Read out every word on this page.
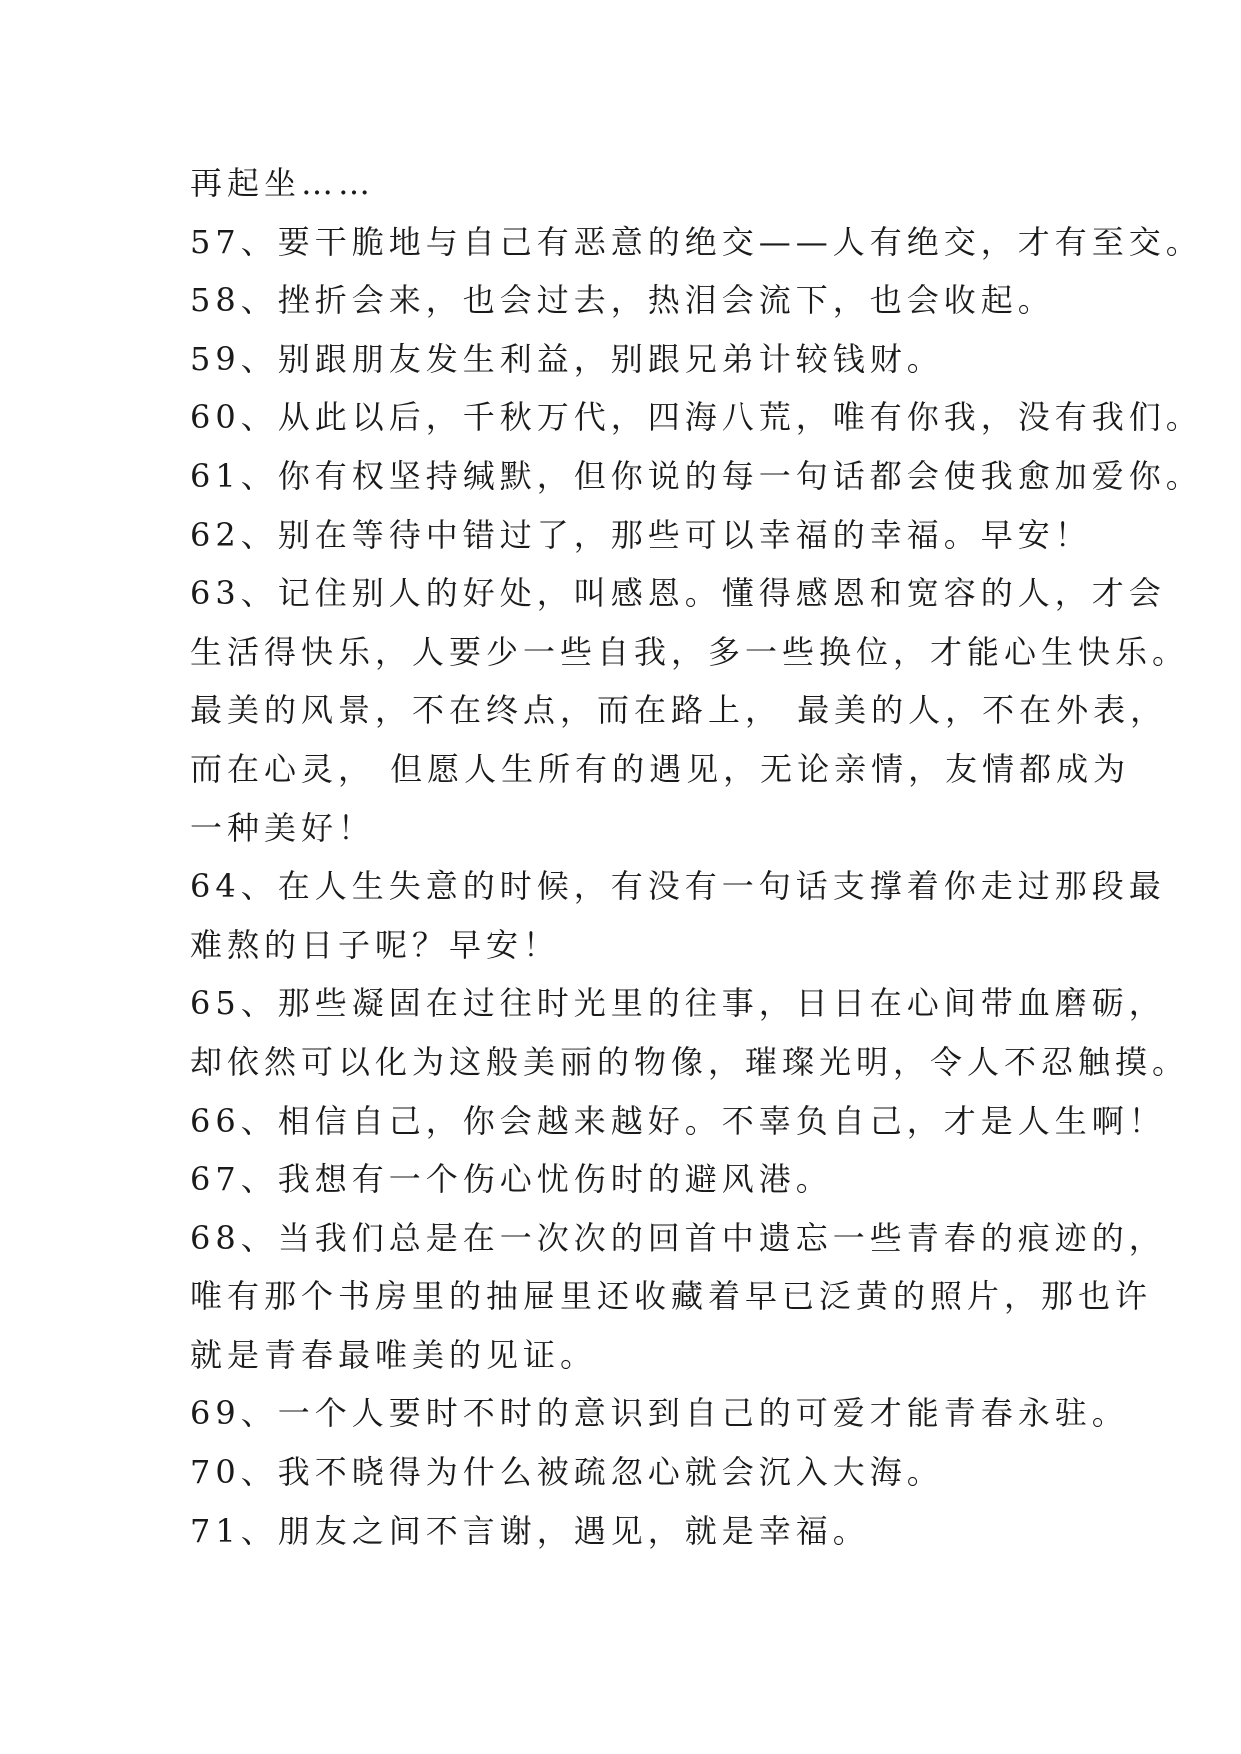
再起坐……
57、要干脆地与自己有恶意的绝交——人有绝交，才有至交。
58、挫折会来，也会过去，热泪会流下，也会收起。
59、别跟朋友发生利益，别跟兄弟计较钱财。
60、从此以后，千秋万代，四海八荒，唯有你我，没有我们。
61、你有权坚持缄默，但你说的每一句话都会使我愈加爱你。
62、别在等待中错过了，那些可以幸福的幸福。早安！
63、记住别人的好处，叫感恩。懂得感恩和宽容的人，才会
生活得快乐，人要少一些自我，多一些换位，才能心生快乐。
最美的风景，不在终点，而在路上， 最美的人，不在外表，
而在心灵， 但愿人生所有的遇见，无论亲情，友情都成为
一种美好！
64、在人生失意的时候，有没有一句话支撑着你走过那段最
难熬的日子呢？早安！
65、那些凝固在过往时光里的往事，日日在心间带血磨砺，
却依然可以化为这般美丽的物像，璀璨光明，令人不忍触摸。
66、相信自己，你会越来越好。不辜负自己，才是人生啊！
67、我想有一个伤心忧伤时的避风港。
68、当我们总是在一次次的回首中遗忘一些青春的痕迹的，
唯有那个书房里的抽屉里还收藏着早已泛黄的照片，那也许
就是青春最唯美的见证。
69、一个人要时不时的意识到自己的可爱才能青春永驻。
70、我不晓得为什么被疏忽心就会沉入大海。
71、朋友之间不言谢，遇见，就是幸福。
